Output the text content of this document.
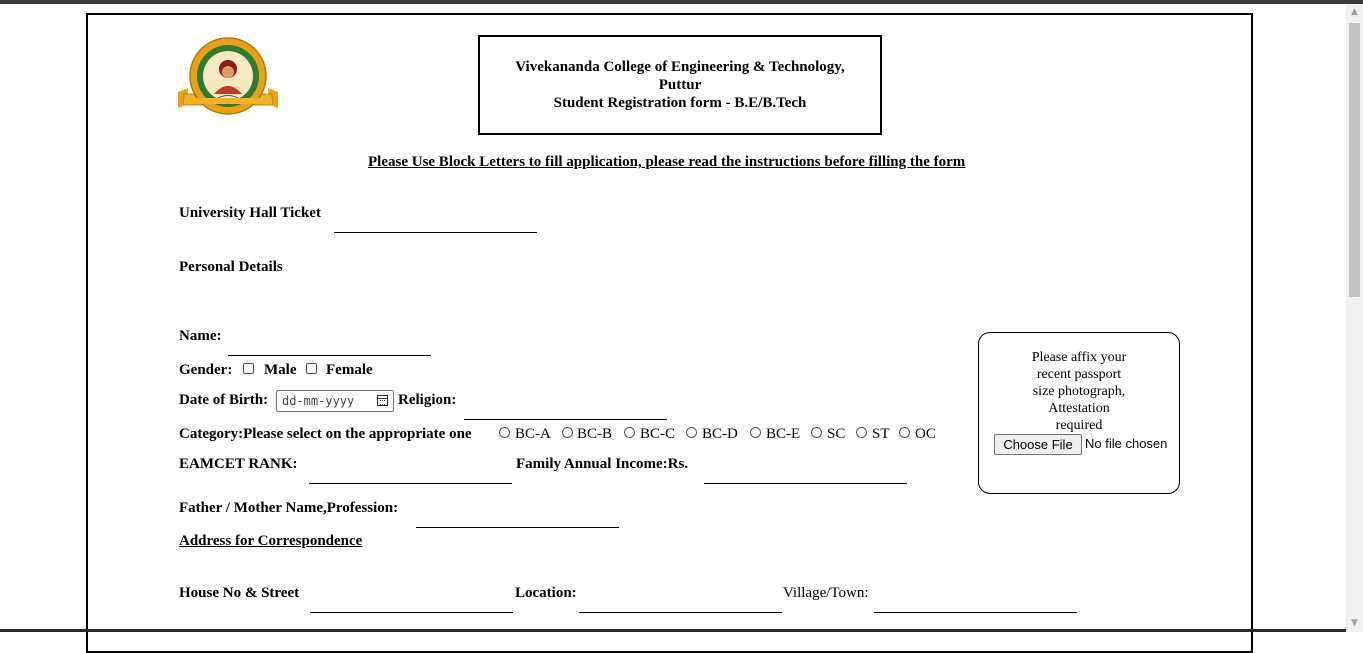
Vivekananda College of Engineering & Technology,
Puttur
Student Registration form - B.E/B.Tech
Please Use Block Letters to fill application, please read the instructions before filling the form
University Hall Ticket
Personal Details
Name:
Gender: Male Female
Date of Birth:	dd-mm-yyyy	Religion:
Category:Please select on the appropriate one	BC-A BC-B BC-C BC-D BC-E SC ST OC
EAMCET RANK:	Family Annual Income:Rs.
Father / Mother Name,Profession:
Address for Correspondence
House No & Street	Location:	Village/Town:
Please affix your
recent passport
size photograph,
Attestation
required
Choose File No file chosen
▲
▼
